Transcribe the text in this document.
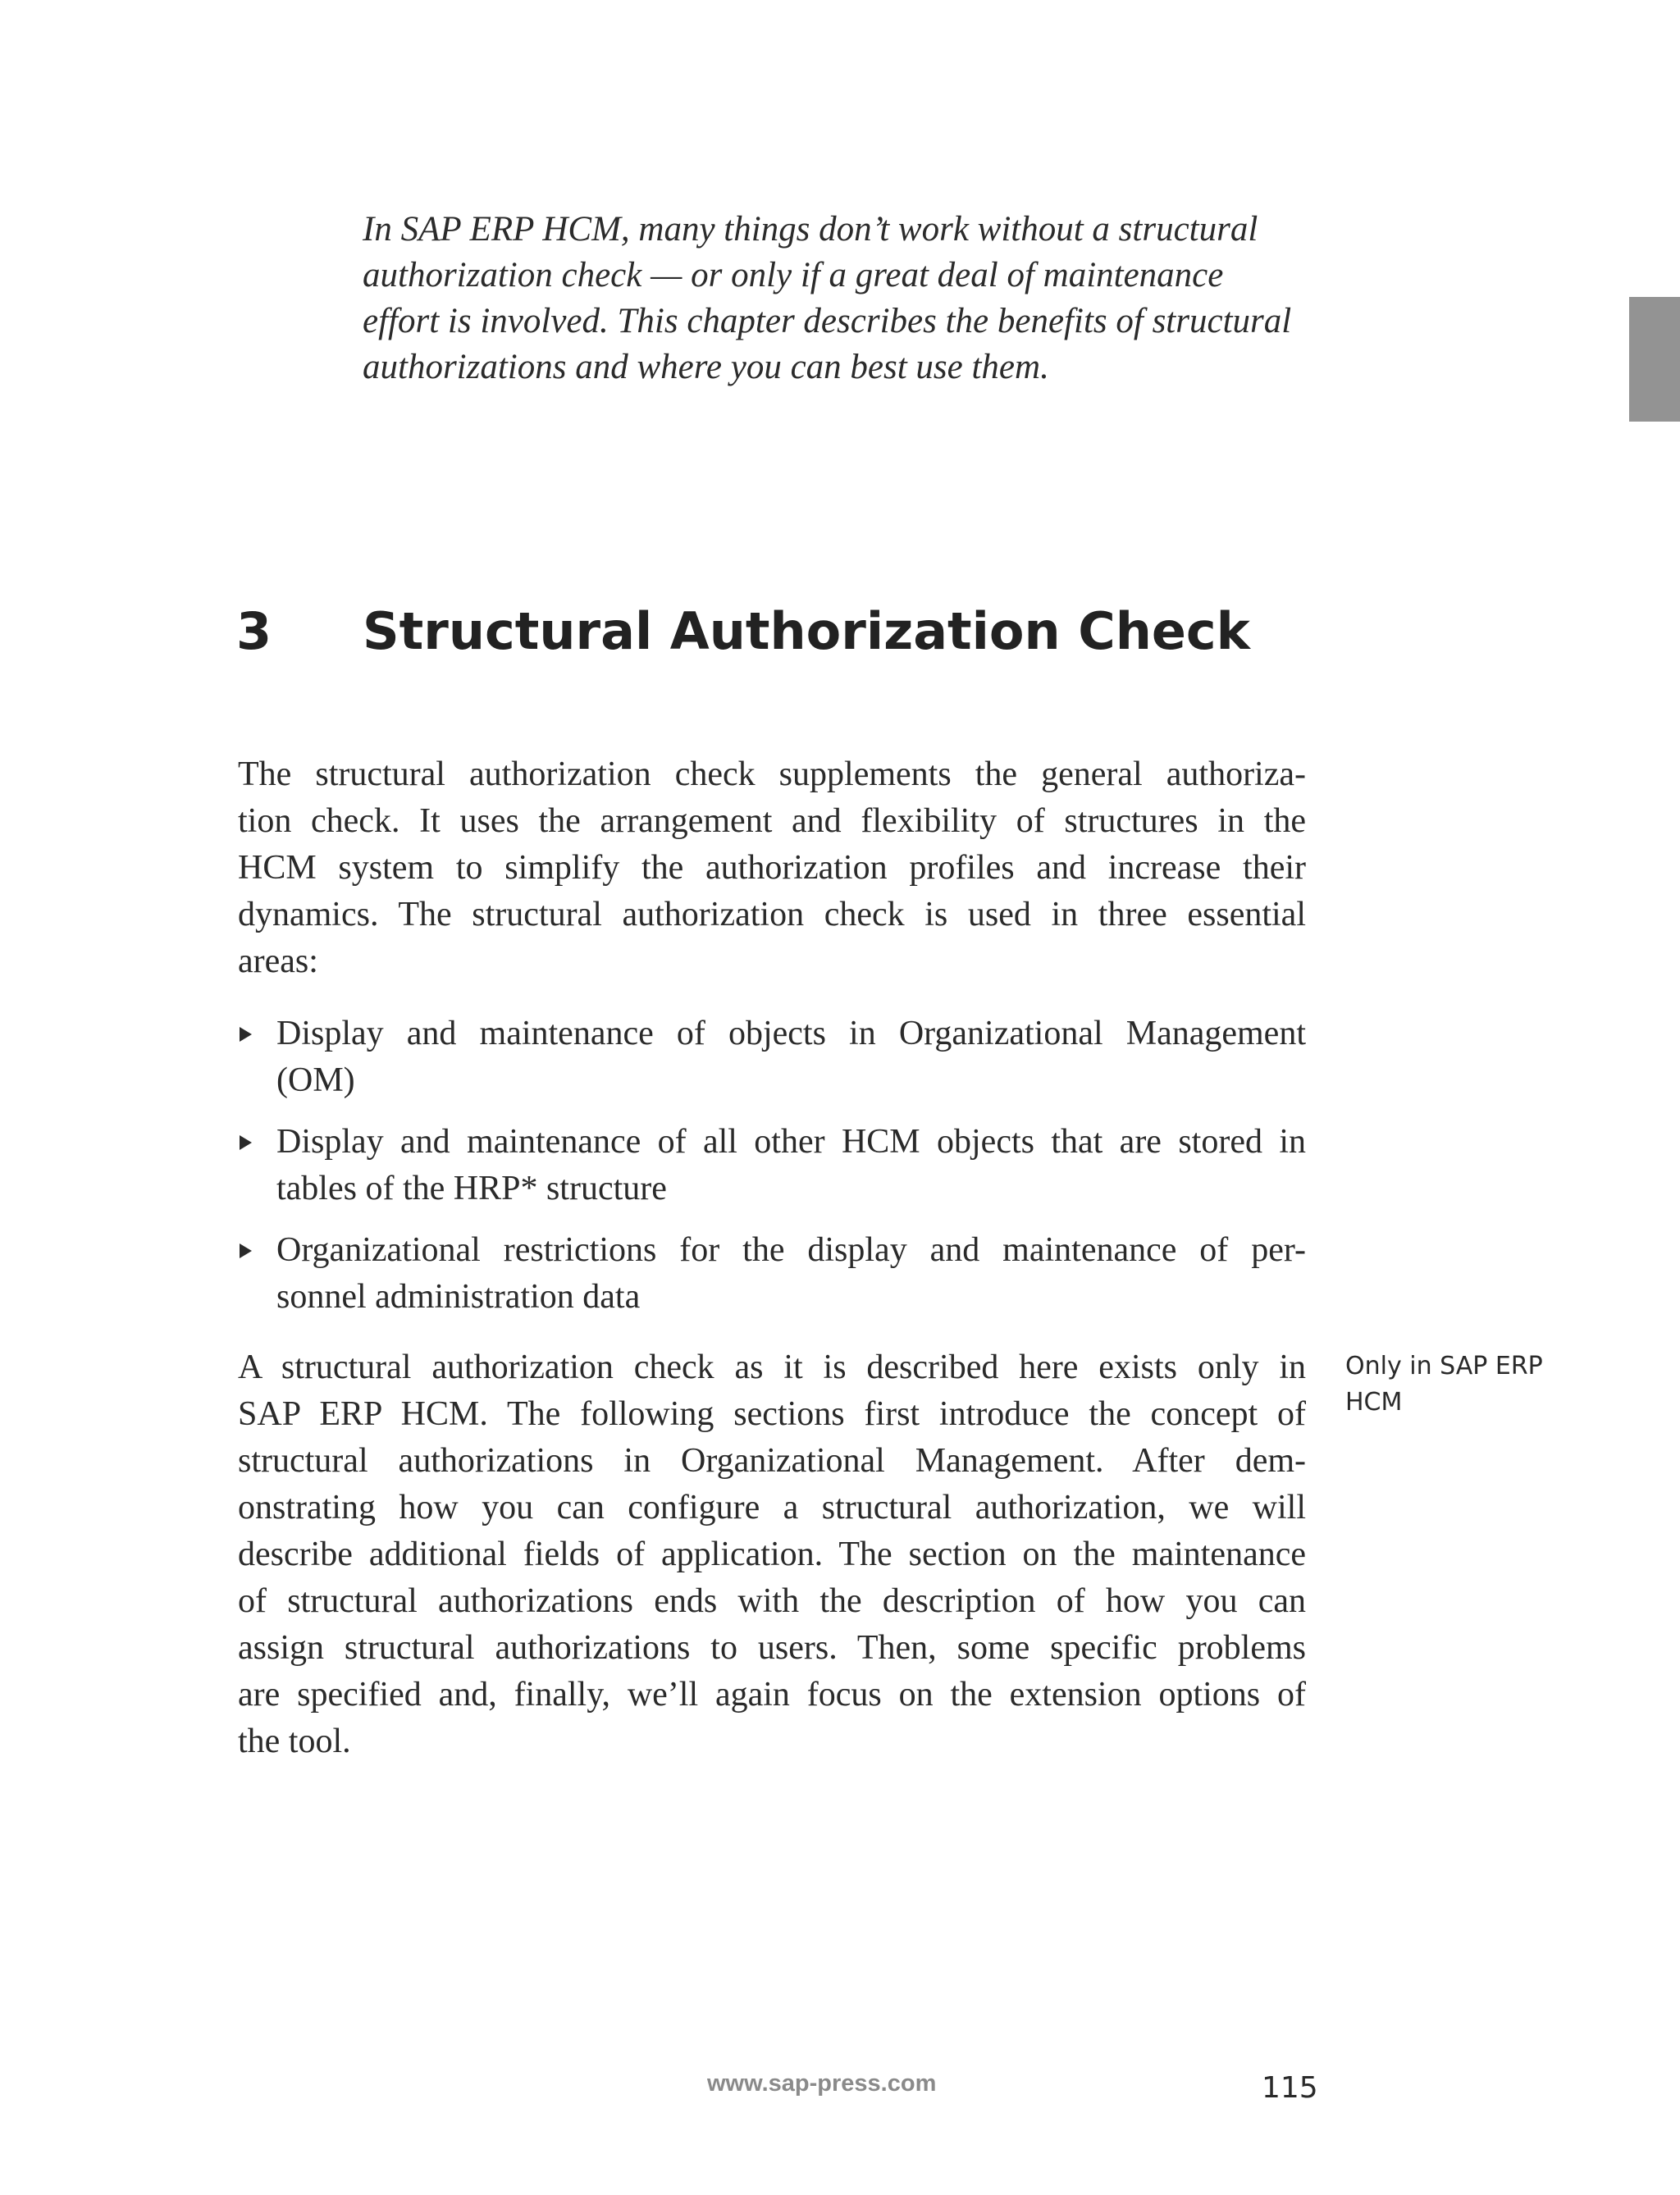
In SAP ERP HCM, many things don’t work without a structural
authorization check — or only if a great deal of maintenance
effort is involved. This chapter describes the benefits of structural
authorizations and where you can best use them.
3 Structural Authorization Check
The structural authorization check supplements the general authoriza-
tion check. It uses the arrangement and flexibility of structures in the
HCM system to simplify the authorization profiles and increase their
dynamics. The structural authorization check is used in three essential
areas:
Display and maintenance of objects in Organizational Management
(OM)
Display and maintenance of all other HCM objects that are stored in
tables of the HRP* structure
Organizational restrictions for the display and maintenance of per-
sonnel administration data
A structural authorization check as it is described here exists only in
SAP ERP HCM. The following sections first introduce the concept of
structural authorizations in Organizational Management. After dem-
onstrating how you can configure a structural authorization, we will
describe additional fields of application. The section on the maintenance
of structural authorizations ends with the description of how you can
assign structural authorizations to users. Then, some specific problems
are specified and, finally, we’ll again focus on the extension options of
the tool.
Only in SAP ERP
HCM
www.sap-press.com	115
